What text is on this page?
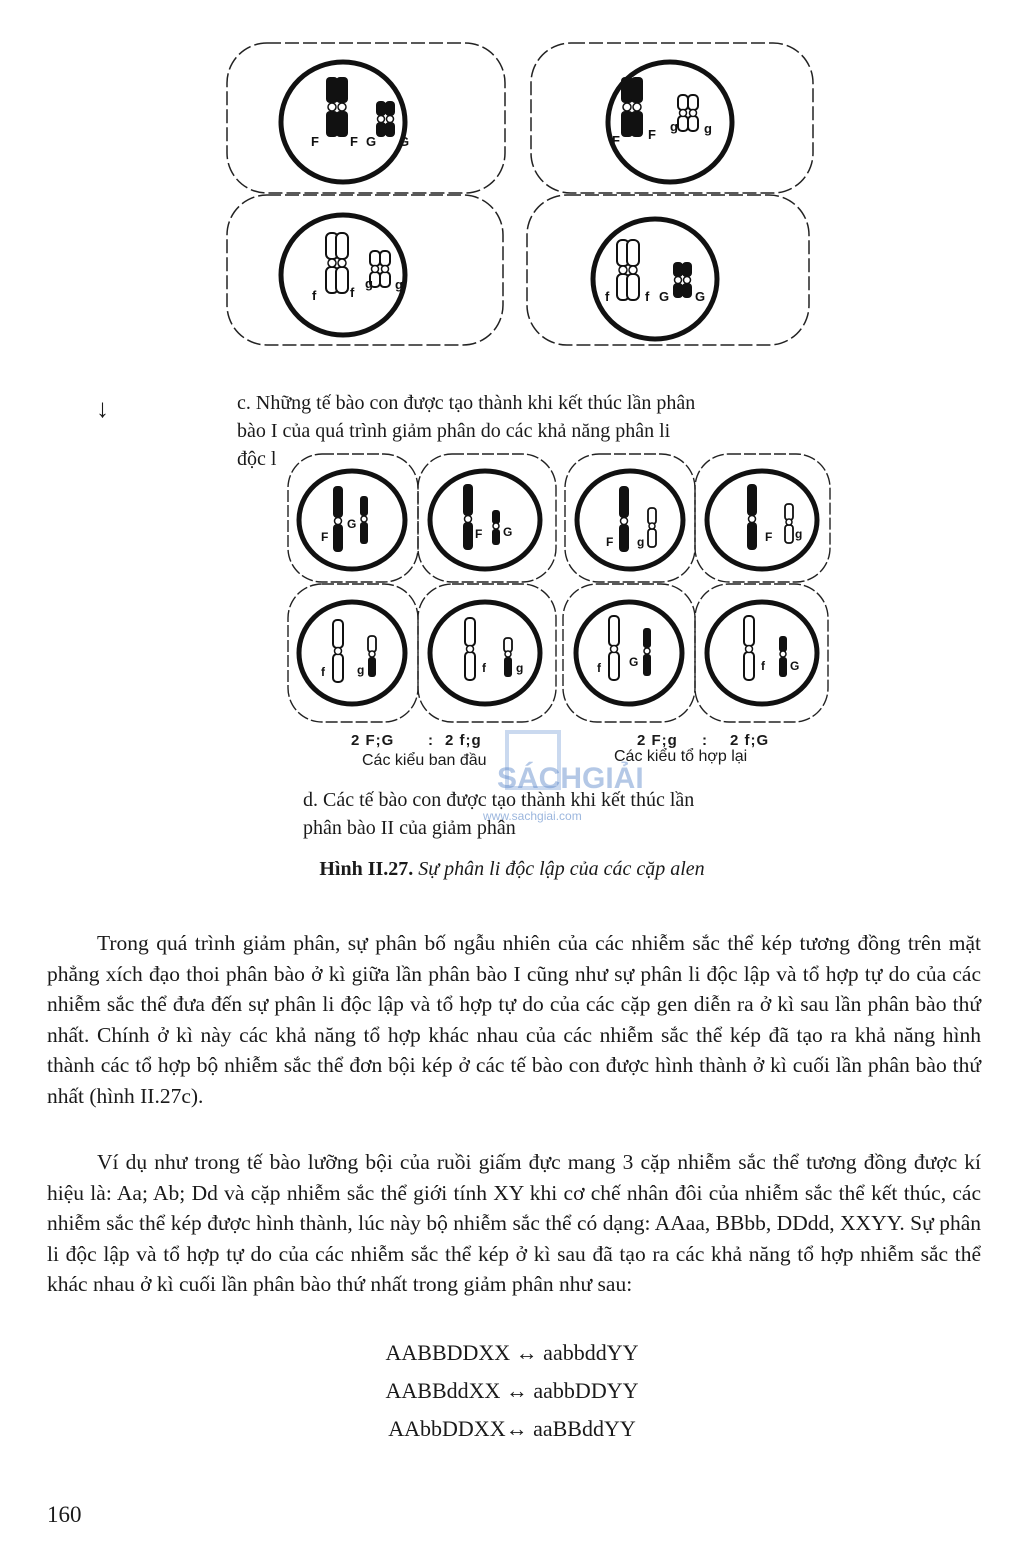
F F G G	F F
g g
f	f
g g
f	f G G
↓	c. Những tế bào con được tạo thành khi kết thúc lần phân
bào I của quá trình giảm phân do các khả năng phân li
độc l
F
G
F G
F g	F g
f	g	f	g	f G	f G
2 F;G : 2 f;g	2 F;g : 2 f;G
Các kiểu ban đầu	Các kiểu tổ hợp lại
SÁCHGIẢI
www.sachgiai.com
d. Các tế bào con được tạo thành khi kết thúc lần
phân bào II của giảm phân
Hình II.27. Sự phân li độc lập của các cặp alen

Trong quá trình giảm phân, sự phân bố ngẫu nhiên của các nhiễm sắc thể kép tương đồng trên mặt phẳng xích đạo thoi phân bào ở kì giữa lần phân bào I cũng như sự phân li độc lập và tổ hợp tự do của các nhiễm sắc thể đưa đến sự phân li độc lập và tổ hợp tự do của các cặp gen diễn ra ở kì sau lần phân bào thứ nhất. Chính ở kì này các khả năng tổ hợp khác nhau của các nhiễm sắc thể kép đã tạo ra khả năng hình thành các tổ hợp bộ nhiễm sắc thể đơn bội kép ở các tế bào con được hình thành ở kì cuối lần phân bào thứ nhất (hình II.27c).

Ví dụ như trong tế bào lưỡng bội của ruồi giấm đực mang 3 cặp nhiễm sắc thể tương đồng được kí hiệu là: Aa; Ab; Dd và cặp nhiễm sắc thể giới tính XY khi cơ chế nhân đôi của nhiễm sắc thể kết thúc, các nhiễm sắc thể kép được hình thành, lúc này bộ nhiễm sắc thể có dạng: AAaa, BBbb, DDdd, XXYY. Sự phân li độc lập và tổ hợp tự do của các nhiễm sắc thể kép ở kì sau đã tạo ra các khả năng tổ hợp nhiễm sắc thể khác nhau ở kì cuối lần phân bào thứ nhất trong giảm phân như sau:

AABBDDXX ↔ aabbddYY
AABBddXX ↔ aabbDDYY
AAbbDDXX↔ aaBBddYY
160
